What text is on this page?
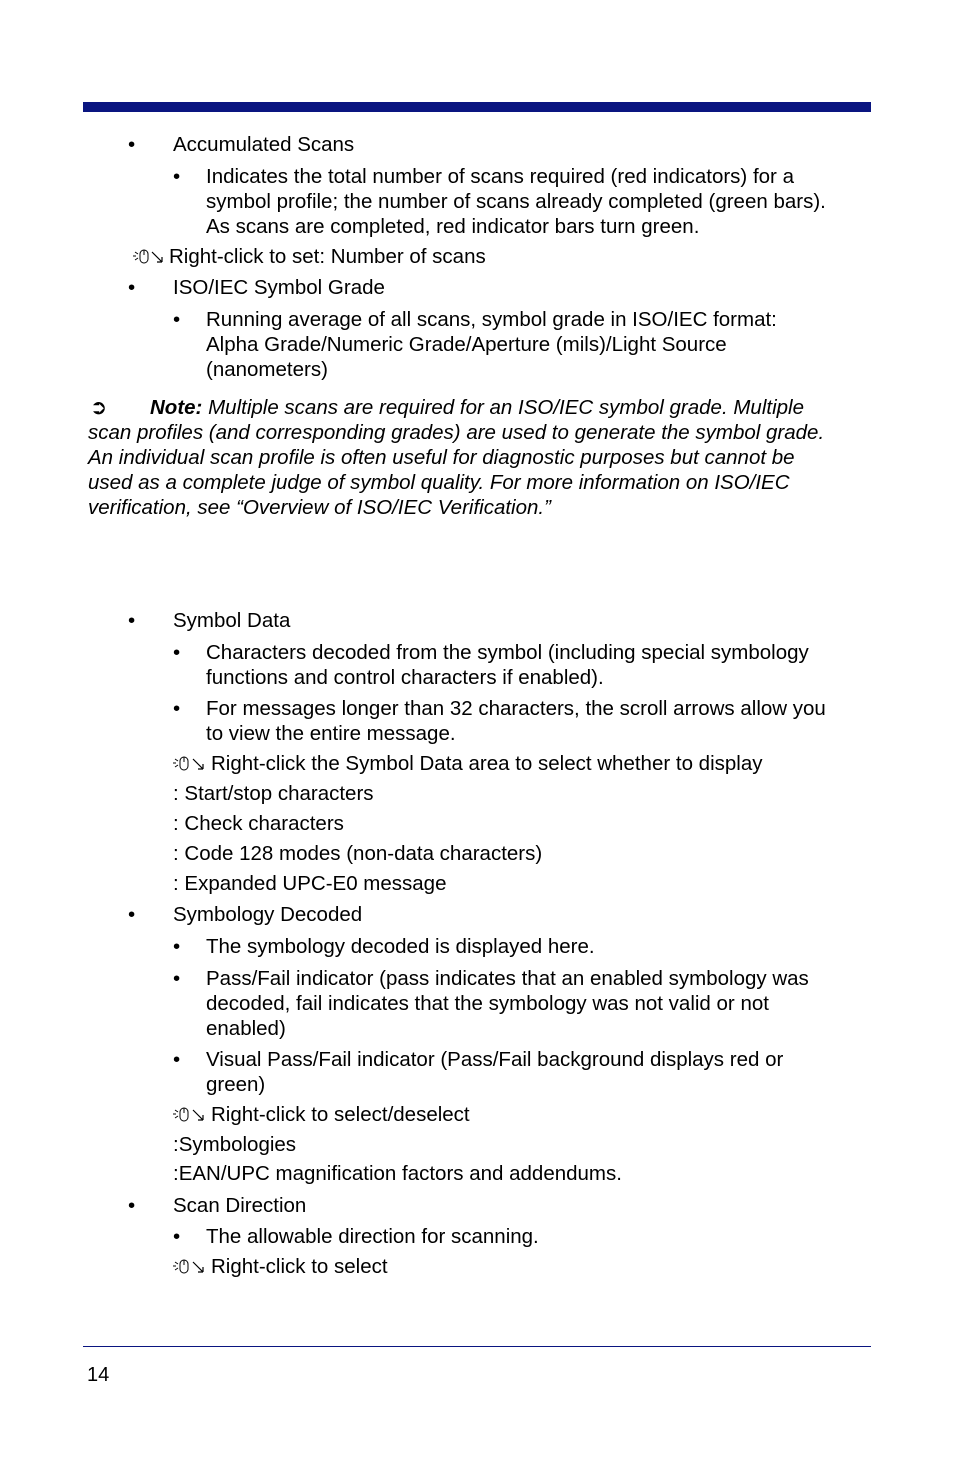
• Accumulated Scans
• Indicates the total number of scans required (red indicators) for a
symbol profile; the number of scans already completed (green bars).
As scans are completed, red indicator bars turn green.
Right-click to set: Number of scans
• ISO/IEC Symbol Grade
• Running average of all scans, symbol grade in ISO/IEC format:
Alpha Grade/Numeric Grade/Aperture (mils)/Light Source
(nanometers)
➲ Note: Multiple scans are required for an ISO/IEC symbol grade. Multiple
scan profiles (and corresponding grades) are used to generate the symbol grade.
An individual scan profile is often useful for diagnostic purposes but cannot be
used as a complete judge of symbol quality. For more information on ISO/IEC
verification, see “Overview of ISO/IEC Verification.”
• Symbol Data
• Characters decoded from the symbol (including special symbology
functions and control characters if enabled).
• For messages longer than 32 characters, the scroll arrows allow you
to view the entire message.
Right-click the Symbol Data area to select whether to display
: Start/stop characters
: Check characters
: Code 128 modes (non-data characters)
: Expanded UPC-E0 message
• Symbology Decoded
• The symbology decoded is displayed here.
• Pass/Fail indicator (pass indicates that an enabled symbology was
decoded, fail indicates that the symbology was not valid or not
enabled)
• Visual Pass/Fail indicator (Pass/Fail background displays red or
green)
Right-click to select/deselect
:Symbologies
:EAN/UPC magnification factors and addendums.
• Scan Direction
• The allowable direction for scanning.
Right-click to select
14
